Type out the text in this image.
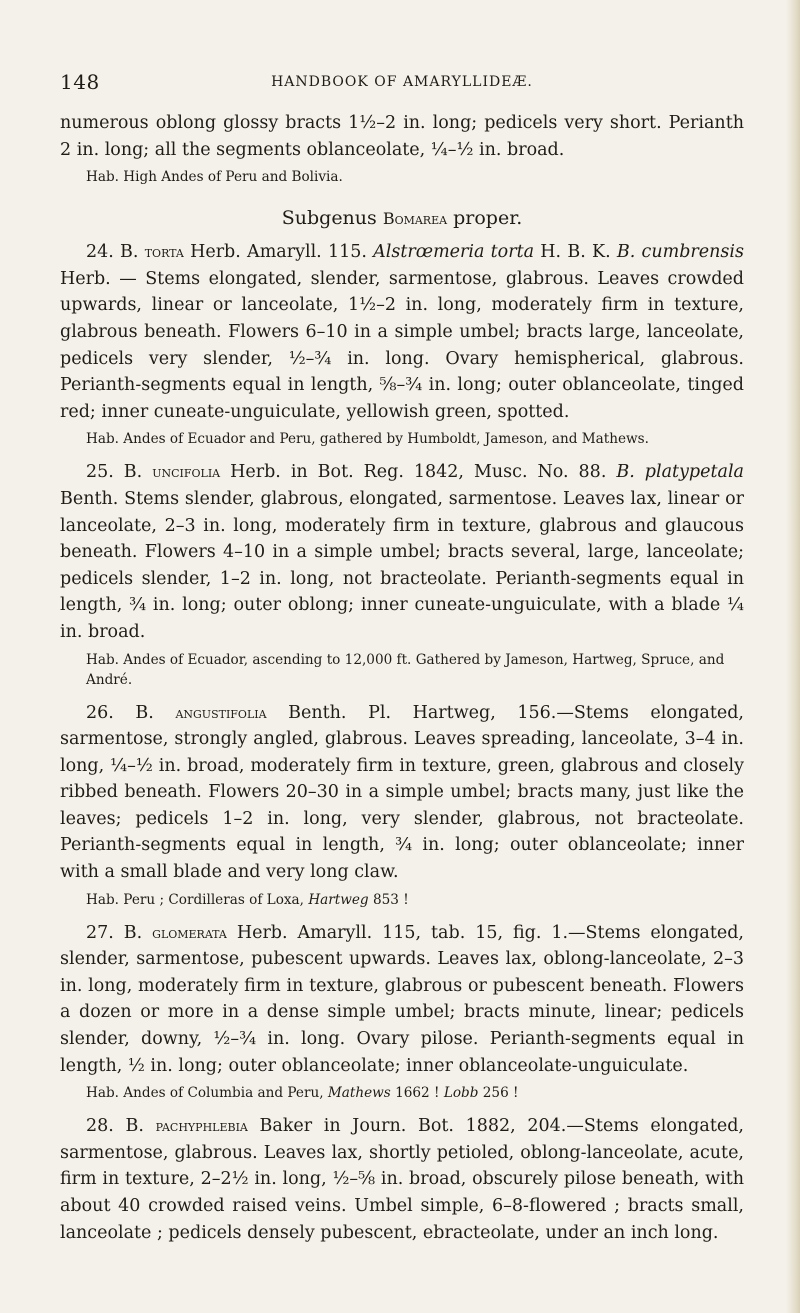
148	HANDBOOK OF AMARYLLIDEÆ.

numerous oblong glossy bracts 1½–2 in. long; pedicels very short. Perianth 2 in. long; all the segments oblanceolate, ¼–½ in. broad.

Hab. High Andes of Peru and Bolivia.

Subgenus Bomarea proper.

24. B. torta Herb. Amaryll. 115. Alstrœmeria torta H. B. K. B. cumbrensis Herb. — Stems elongated, slender, sarmentose, glabrous. Leaves crowded upwards, linear or lanceolate, 1½–2 in. long, moderately firm in texture, glabrous beneath. Flowers 6–10 in a simple umbel; bracts large, lanceolate, pedicels very slender, ½–¾ in. long. Ovary hemispherical, glabrous. Perianth-segments equal in length, ⅝–¾ in. long; outer oblanceolate, tinged red; inner cuneate-unguiculate, yellowish green, spotted.

Hab. Andes of Ecuador and Peru, gathered by Humboldt, Jameson, and Mathews.

25. B. uncifolia Herb. in Bot. Reg. 1842, Musc. No. 88. B. platypetala Benth. Stems slender, glabrous, elongated, sarmentose. Leaves lax, linear or lanceolate, 2–3 in. long, moderately firm in texture, glabrous and glaucous beneath. Flowers 4–10 in a simple umbel; bracts several, large, lanceolate; pedicels slender, 1–2 in. long, not bracteolate. Perianth-segments equal in length, ¾ in. long; outer oblong; inner cuneate-unguiculate, with a blade ¼ in. broad.

Hab. Andes of Ecuador, ascending to 12,000 ft. Gathered by Jameson, Hartweg, Spruce, and André.

26. B. angustifolia Benth. Pl. Hartweg, 156.—Stems elongated, sarmentose, strongly angled, glabrous. Leaves spreading, lanceolate, 3–4 in. long, ¼–½ in. broad, moderately firm in texture, green, glabrous and closely ribbed beneath. Flowers 20–30 in a simple umbel; bracts many, just like the leaves; pedicels 1–2 in. long, very slender, glabrous, not bracteolate. Perianth-segments equal in length, ¾ in. long; outer oblanceolate; inner with a small blade and very long claw.

Hab. Peru ; Cordilleras of Loxa, Hartweg 853 !

27. B. glomerata Herb. Amaryll. 115, tab. 15, fig. 1.—Stems elongated, slender, sarmentose, pubescent upwards. Leaves lax, oblong-lanceolate, 2–3 in. long, moderately firm in texture, glabrous or pubescent beneath. Flowers a dozen or more in a dense simple umbel; bracts minute, linear; pedicels slender, downy, ½–¾ in. long. Ovary pilose. Perianth-segments equal in length, ½ in. long; outer oblanceolate; inner oblanceolate-unguiculate.

Hab. Andes of Columbia and Peru, Mathews 1662 ! Lobb 256 !

28. B. pachyphlebia Baker in Journ. Bot. 1882, 204.—Stems elongated, sarmentose, glabrous. Leaves lax, shortly petioled, oblong-lanceolate, acute, firm in texture, 2–2½ in. long, ½–⅝ in. broad, obscurely pilose beneath, with about 40 crowded raised veins. Umbel simple, 6–8-flowered ; bracts small, lanceolate ; pedicels densely pubescent, ebracteolate, under an inch long.
